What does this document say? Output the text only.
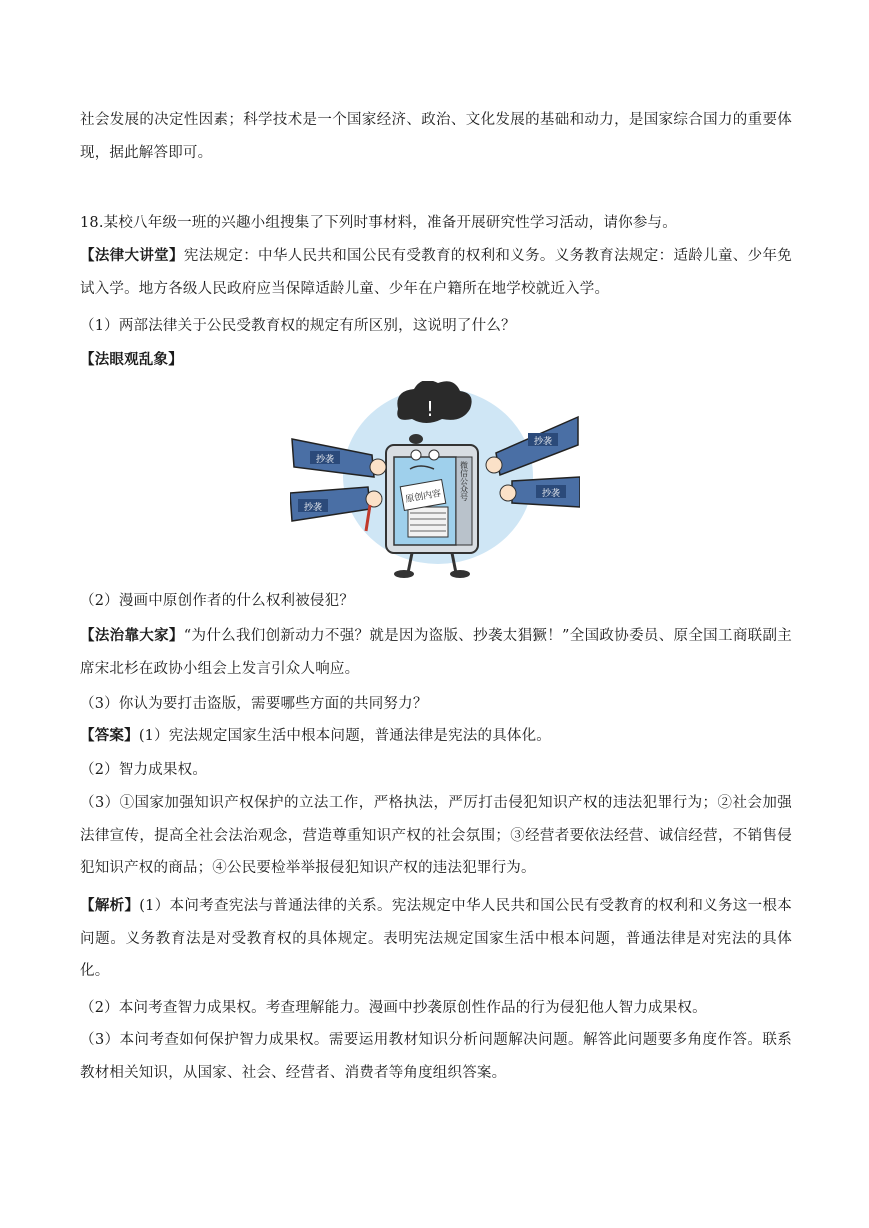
社会发展的决定性因素；科学技术是一个国家经济、政治、文化发展的基础和动力，是国家综合国力的重要体现，据此解答即可。

18.某校八年级一班的兴趣小组搜集了下列时事材料，准备开展研究性学习活动，请你参与。

【法律大讲堂】宪法规定：中华人民共和国公民有受教育的权利和义务。义务教育法规定：适龄儿童、少年免试入学。地方各级人民政府应当保障适龄儿童、少年在户籍所在地学校就近入学。

（1）两部法律关于公民受教育权的规定有所区别，这说明了什么？

【法眼观乱象】

!
微信公众号
原创内容
抄袭
抄袭
抄袭
抄袭

（2）漫画中原创作者的什么权利被侵犯？

【法治靠大家】“为什么我们创新动力不强？就是因为盗版、抄袭太猖獗！”全国政协委员、原全国工商联副主席宋北杉在政协小组会上发言引众人响应。

（3）你认为要打击盗版，需要哪些方面的共同努力？

【答案】(1）宪法规定国家生活中根本问题，普通法律是宪法的具体化。

（2）智力成果权。

（3）①国家加强知识产权保护的立法工作，严格执法，严厉打击侵犯知识产权的违法犯罪行为；②社会加强法律宣传，提高全社会法治观念，营造尊重知识产权的社会氛围；③经营者要依法经营、诚信经营，不销售侵犯知识产权的商品；④公民要检举举报侵犯知识产权的违法犯罪行为。

【解析】(1）本问考查宪法与普通法律的关系。宪法规定中华人民共和国公民有受教育的权利和义务这一根本问题。义务教育法是对受教育权的具体规定。表明宪法规定国家生活中根本问题，普通法律是对宪法的具体化。

（2）本问考查智力成果权。考查理解能力。漫画中抄袭原创性作品的行为侵犯他人智力成果权。

（3）本问考查如何保护智力成果权。需要运用教材知识分析问题解决问题。解答此问题要多角度作答。联系教材相关知识，从国家、社会、经营者、消费者等角度组织答案。
